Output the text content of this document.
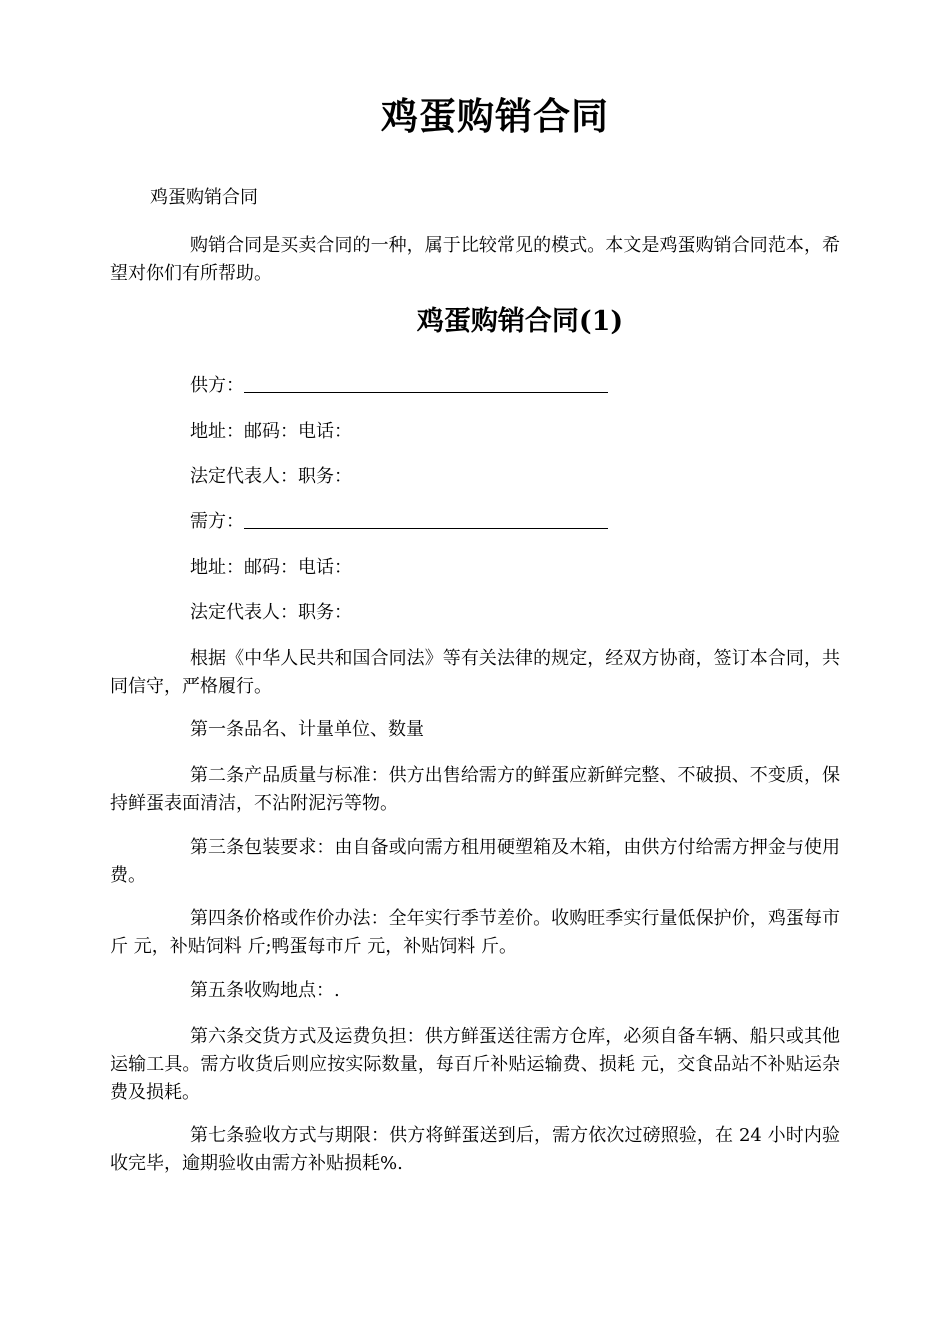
鸡蛋购销合同

鸡蛋购销合同

购销合同是买卖合同的一种，属于比较常见的模式。本文是鸡蛋购销合同范本，希望对你们有所帮助。

鸡蛋购销合同(1)

供方：

地址：邮码：电话：

法定代表人：职务：

需方：

地址：邮码：电话：

法定代表人：职务：

根据《中华人民共和国合同法》等有关法律的规定，经双方协商，签订本合同，共同信守，严格履行。

第一条品名、计量单位、数量

第二条产品质量与标准：供方出售给需方的鲜蛋应新鲜完整、不破损、不变质，保持鲜蛋表面清洁，不沾附泥污等物。

第三条包装要求：由自备或向需方租用硬塑箱及木箱，由供方付给需方押金与使用费。

第四条价格或作价办法：全年实行季节差价。收购旺季实行量低保护价，鸡蛋每市斤 元，补贴饲料 斤;鸭蛋每市斤 元，补贴饲料 斤。

第五条收购地点：.

第六条交货方式及运费负担：供方鲜蛋送往需方仓库，必须自备车辆、船只或其他运输工具。需方收货后则应按实际数量，每百斤补贴运输费、损耗 元，交食品站不补贴运杂费及损耗。

第七条验收方式与期限：供方将鲜蛋送到后，需方依次过磅照验，在 24 小时内验收完毕，逾期验收由需方补贴损耗%.
